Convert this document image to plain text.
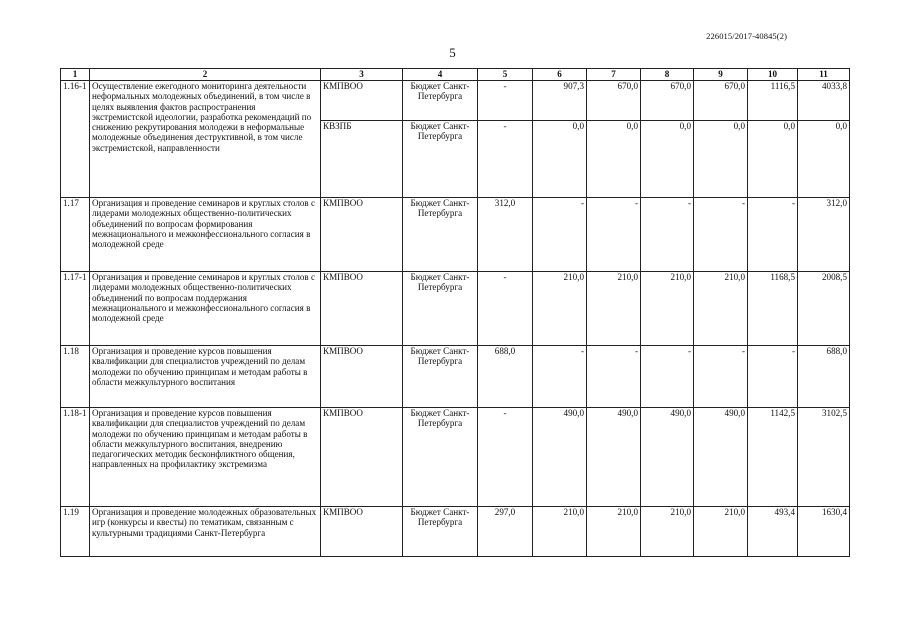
226015/2017-40845(2)
5
1	2	3	4	5	6	7	8	9	10	11
1.16-1	Осуществление ежегодного мониторинга деятельности неформальных молодежных объединений, в том числе в целях выявления фактов распространения экстремистской идеологии, разработка рекомендаций по снижению рекрутирования молодежи в неформальные молодежные объединения деструктивной, в том числе экстремистской, направленности	КМПВОО	Бюджет Санкт-Петербурга	-	907,3	670,0	670,0	670,0	1116,5	4033,8
		КВЗПБ	Бюджет Санкт-Петербурга	-	0,0	0,0	0,0	0,0	0,0	0,0
1.17	Организация и проведение семинаров и круглых столов с лидерами молодежных общественно-политических объединений по вопросам формирования межнационального и межконфессионального согласия в молодежной среде	КМПВОО	Бюджет Санкт-Петербурга	312,0	-	-	-	-	-	312,0
1.17-1	Организация и проведение семинаров и круглых столов с лидерами молодежных общественно-политических объединений по вопросам поддержания межнационального и межконфессионального согласия в молодежной среде	КМПВОО	Бюджет Санкт-Петербурга	-	210,0	210,0	210,0	210,0	1168,5	2008,5
1.18	Организация и проведение курсов повышения квалификации для специалистов учреждений по делам молодежи по обучению принципам и методам работы в области межкультурного воспитания	КМПВОО	Бюджет Санкт-Петербурга	688,0	-	-	-	-	-	688,0
1.18-1	Организация и проведение курсов повышения квалификации для специалистов учреждений по делам молодежи по обучению принципам и методам работы в области межкультурного воспитания, внедрению педагогических методик бесконфликтного общения, направленных на профилактику экстремизма	КМПВОО	Бюджет Санкт-Петербурга	-	490,0	490,0	490,0	490,0	1142,5	3102,5
1.19	Организация и проведение молодежных образовательных игр (конкурсы и квесты) по тематикам, связанным с культурными традициями Санкт-Петербурга	КМПВОО	Бюджет Санкт-Петербурга	297,0	210,0	210,0	210,0	210,0	493,4	1630,4
